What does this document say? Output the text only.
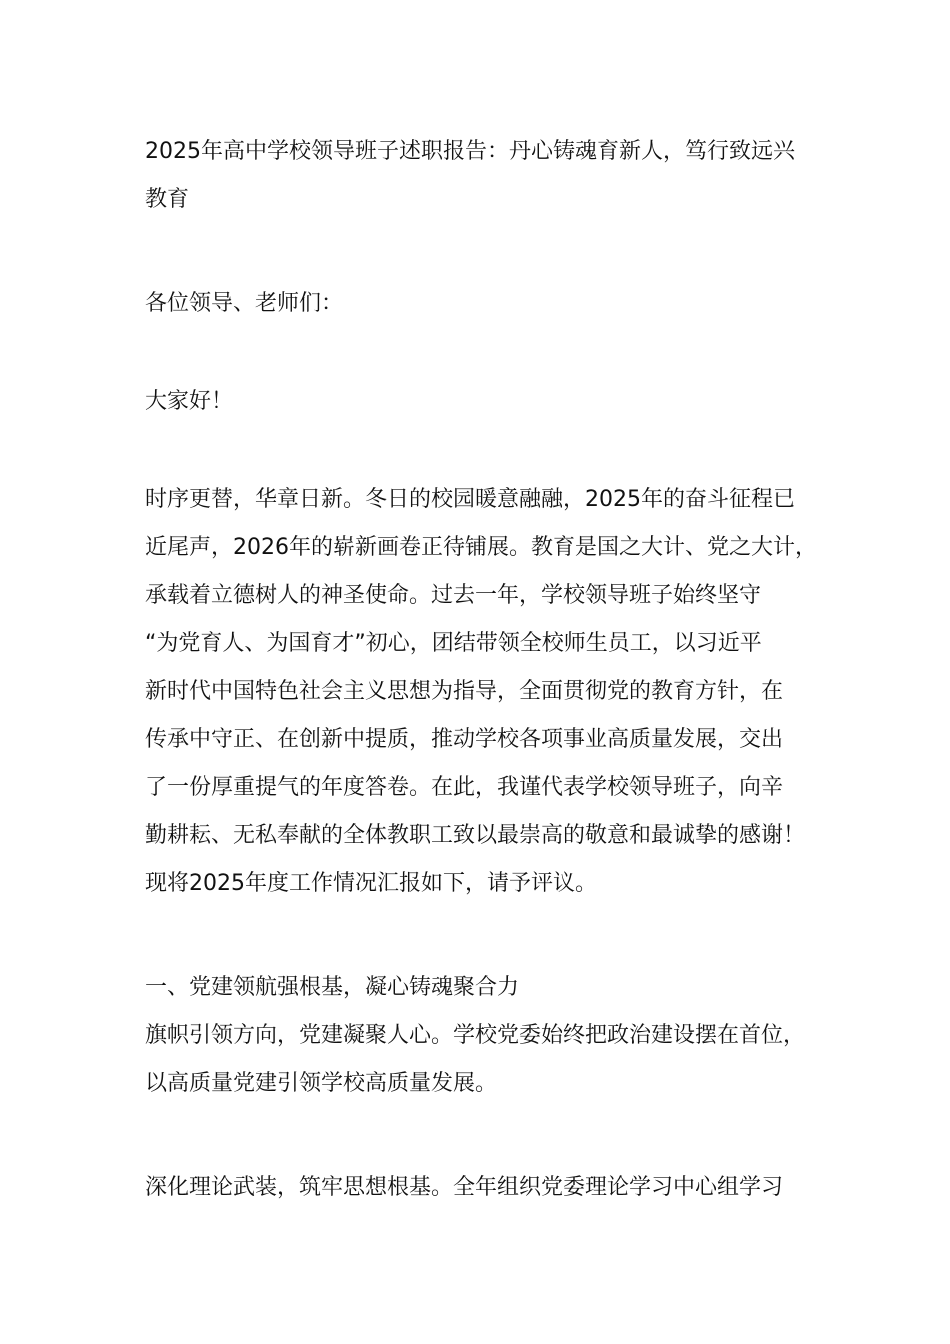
2025年高中学校领导班子述职报告：丹心铸魂育新人，笃行致远兴
教育
各位领导、老师们：
大家好！
时序更替，华章日新。冬日的校园暖意融融，2025年的奋斗征程已
近尾声，2026年的崭新画卷正待铺展。教育是国之大计、党之大计，
承载着立德树人的神圣使命。过去一年，学校领导班子始终坚守
“为党育人、为国育才”初心，团结带领全校师生员工，以习近平
新时代中国特色社会主义思想为指导，全面贯彻党的教育方针，在
传承中守正、在创新中提质，推动学校各项事业高质量发展，交出
了一份厚重提气的年度答卷。在此，我谨代表学校领导班子，向辛
勤耕耘、无私奉献的全体教职工致以最崇高的敬意和最诚挚的感谢！
现将2025年度工作情况汇报如下，请予评议。
一、党建领航强根基，凝心铸魂聚合力
旗帜引领方向，党建凝聚人心。学校党委始终把政治建设摆在首位，
以高质量党建引领学校高质量发展。
深化理论武装，筑牢思想根基。全年组织党委理论学习中心组学习
